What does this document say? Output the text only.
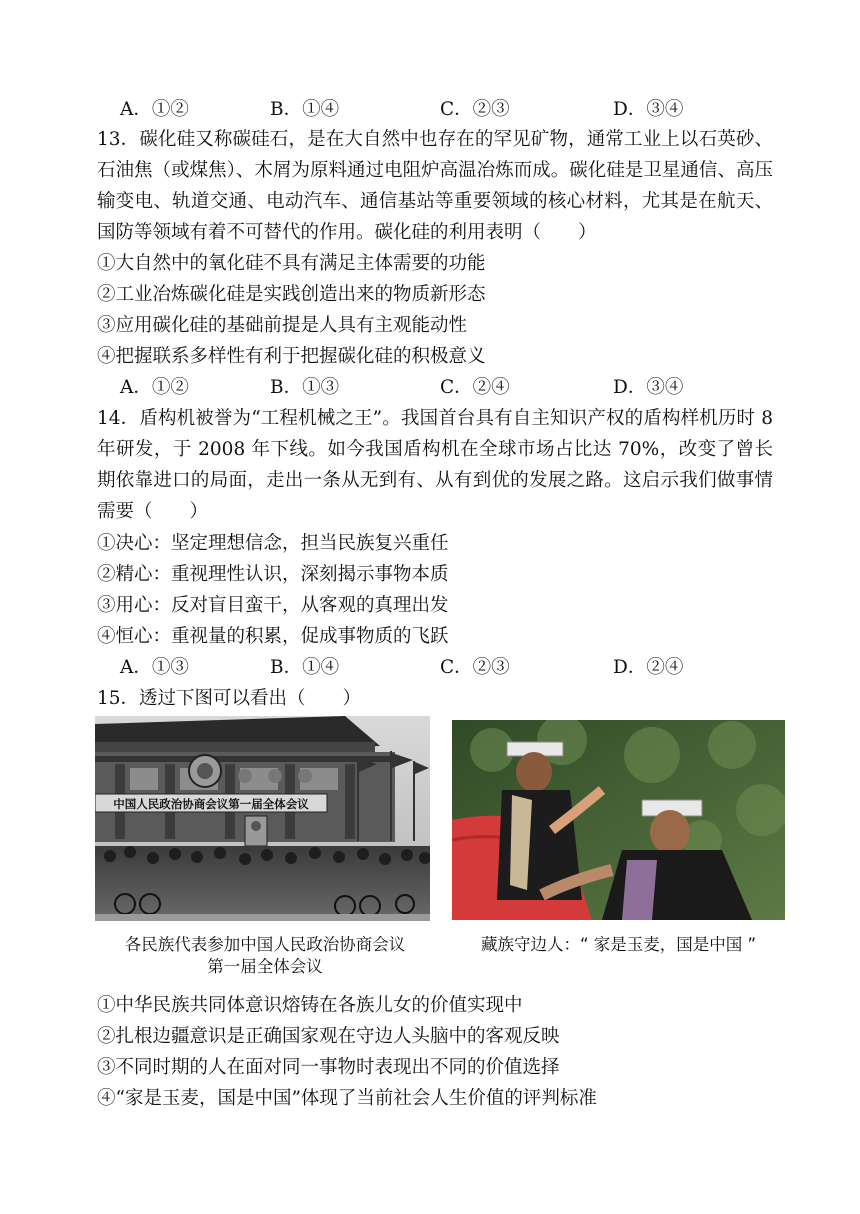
A．①②	B．①④	C．②③	D．③④
13．碳化硅又称碳硅石，是在大自然中也存在的罕见矿物，通常工业上以石英砂、石油焦（或煤焦）、木屑为原料通过电阻炉高温冶炼而成。碳化硅是卫星通信、高压输变电、轨道交通、电动汽车、通信基站等重要领域的核心材料，尤其是在航天、国防等领域有着不可替代的作用。碳化硅的利用表明（　　）
①大自然中的氧化硅不具有满足主体需要的功能
②工业冶炼碳化硅是实践创造出来的物质新形态
③应用碳化硅的基础前提是人具有主观能动性
④把握联系多样性有利于把握碳化硅的积极意义
A．①②	B．①③	C．②④	D．③④
14．盾构机被誉为“工程机械之王”。我国首台具有自主知识产权的盾构样机历时 8 年研发，于 2008 年下线。如今我国盾构机在全球市场占比达 70%，改变了曾长期依靠进口的局面，走出一条从无到有、从有到优的发展之路。这启示我们做事情需要（　　）
①决心：坚定理想信念，担当民族复兴重任
②精心：重视理性认识，深刻揭示事物本质
③用心：反对盲目蛮干，从客观的真理出发
④恒心：重视量的积累，促成事物质的飞跃
A．①③	B．①④	C．②③	D．②④
15．透过下图可以看出（　　）
中国人民政治协商会议第一届全体会议
各民族代表参加中国人民政治协商会议
第一届全体会议
藏族守边人：“ 家是玉麦，国是中国 ”
①中华民族共同体意识熔铸在各族儿女的价值实现中
②扎根边疆意识是正确国家观在守边人头脑中的客观反映
③不同时期的人在面对同一事物时表现出不同的价值选择
④“家是玉麦，国是中国”体现了当前社会人生价值的评判标准
